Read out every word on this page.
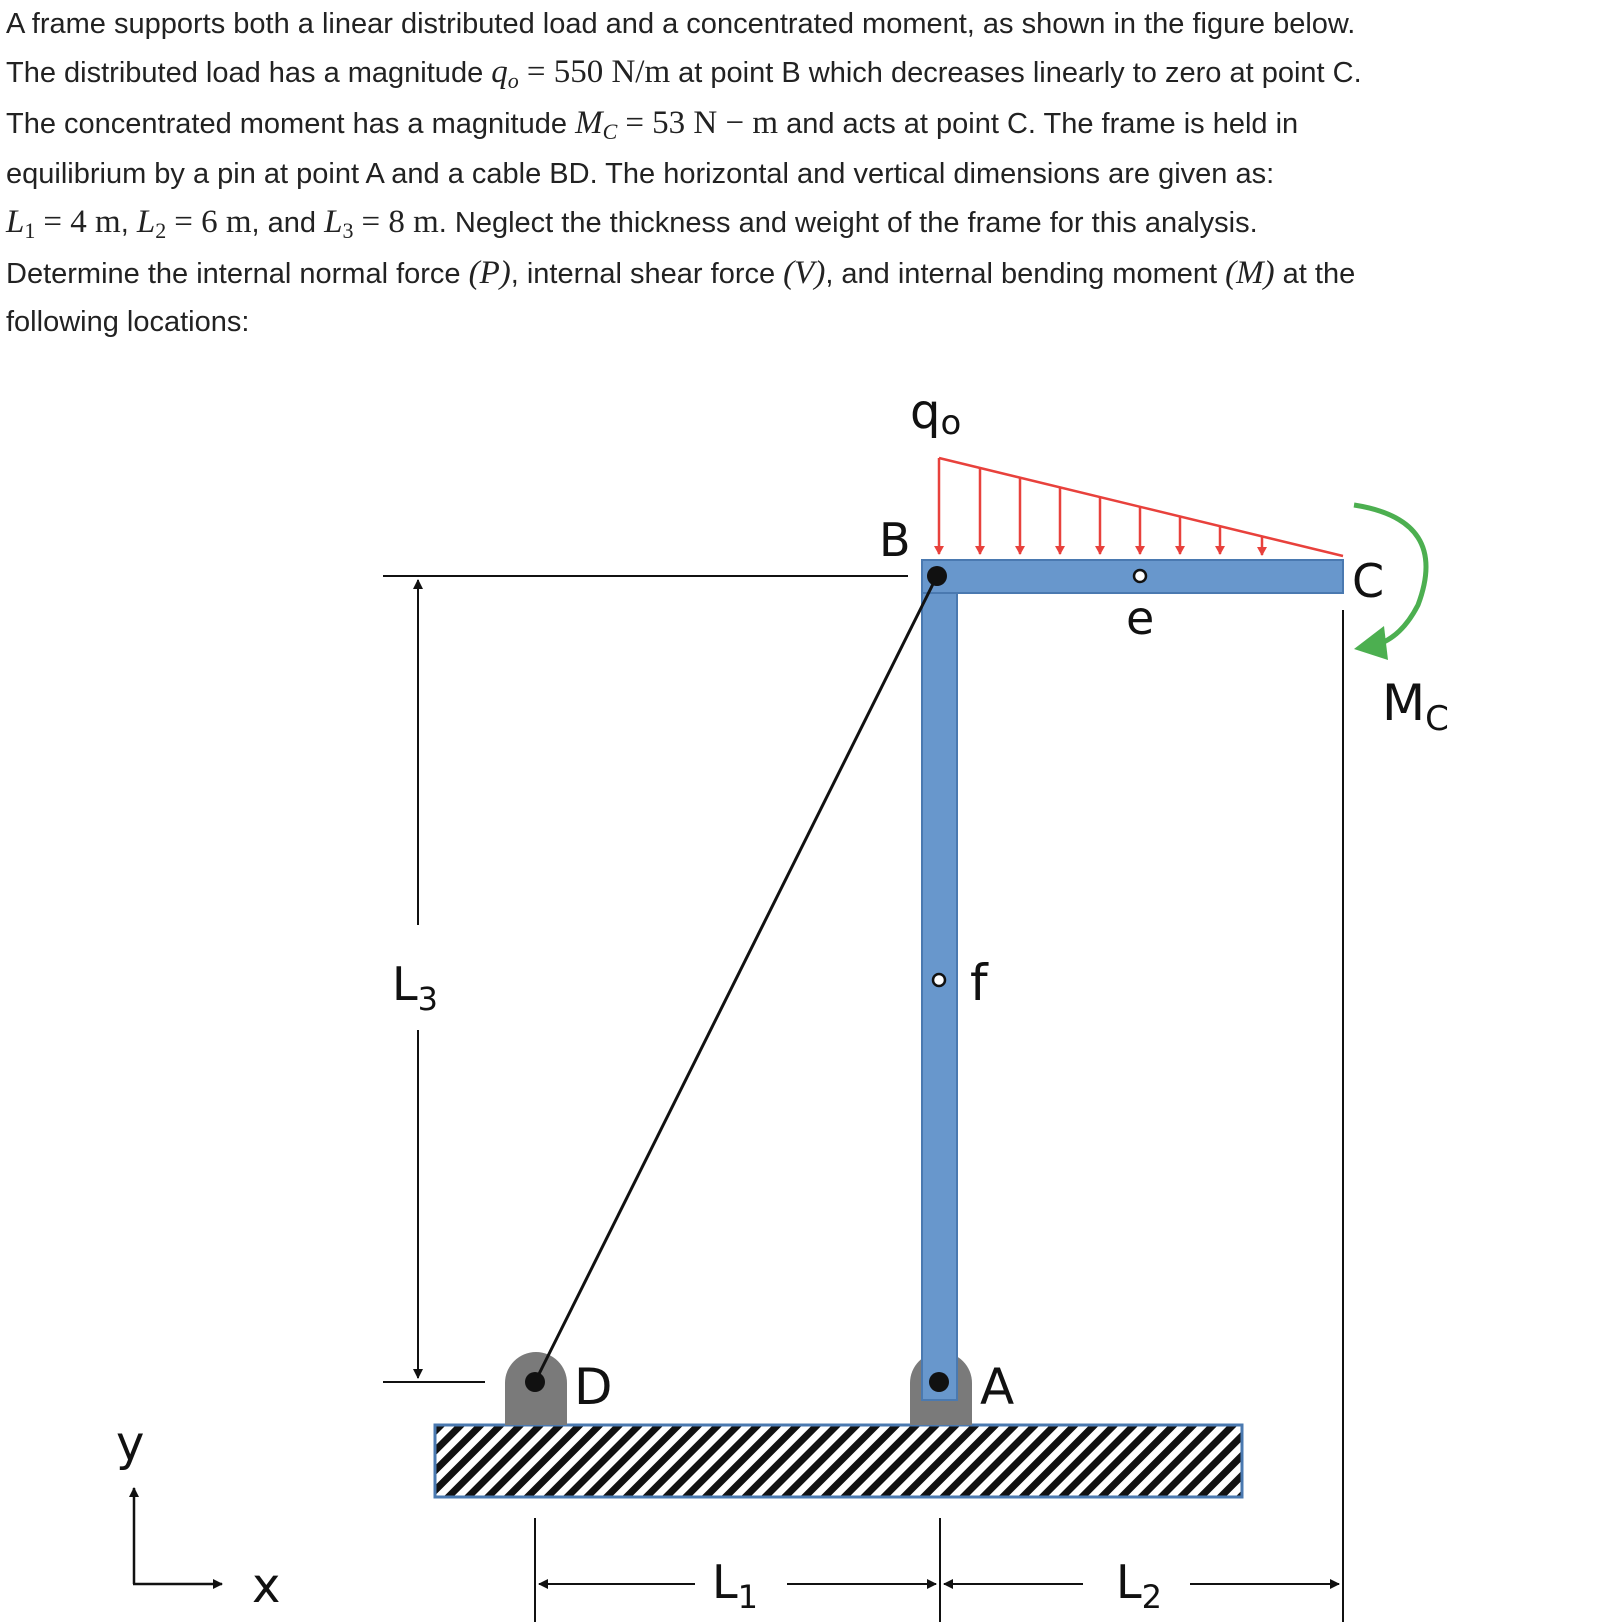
A frame supports both a linear distributed load and a concentrated moment, as shown in the figure below.

The distributed load has a magnitude $q_o = 550$ N/m at point B which decreases linearly to zero at point C.

The concentrated moment has a magnitude $M_C = 53$ N − m and acts at point C. The frame is held in

equilibrium by a pin at point A and a cable BD. The horizontal and vertical dimensions are given as:

$L_1 = 4$ m, $L_2 = 6$ m, and $L_3 = 8$ m. Neglect the thickness and weight of the frame for this analysis.

Determine the internal normal force (P), internal shear force (V), and internal bending moment (M) at the

following locations:

qo
B
C
e
f
D	A
$M_C$
$L_3$
$L_1$	$L_2$
y
x
